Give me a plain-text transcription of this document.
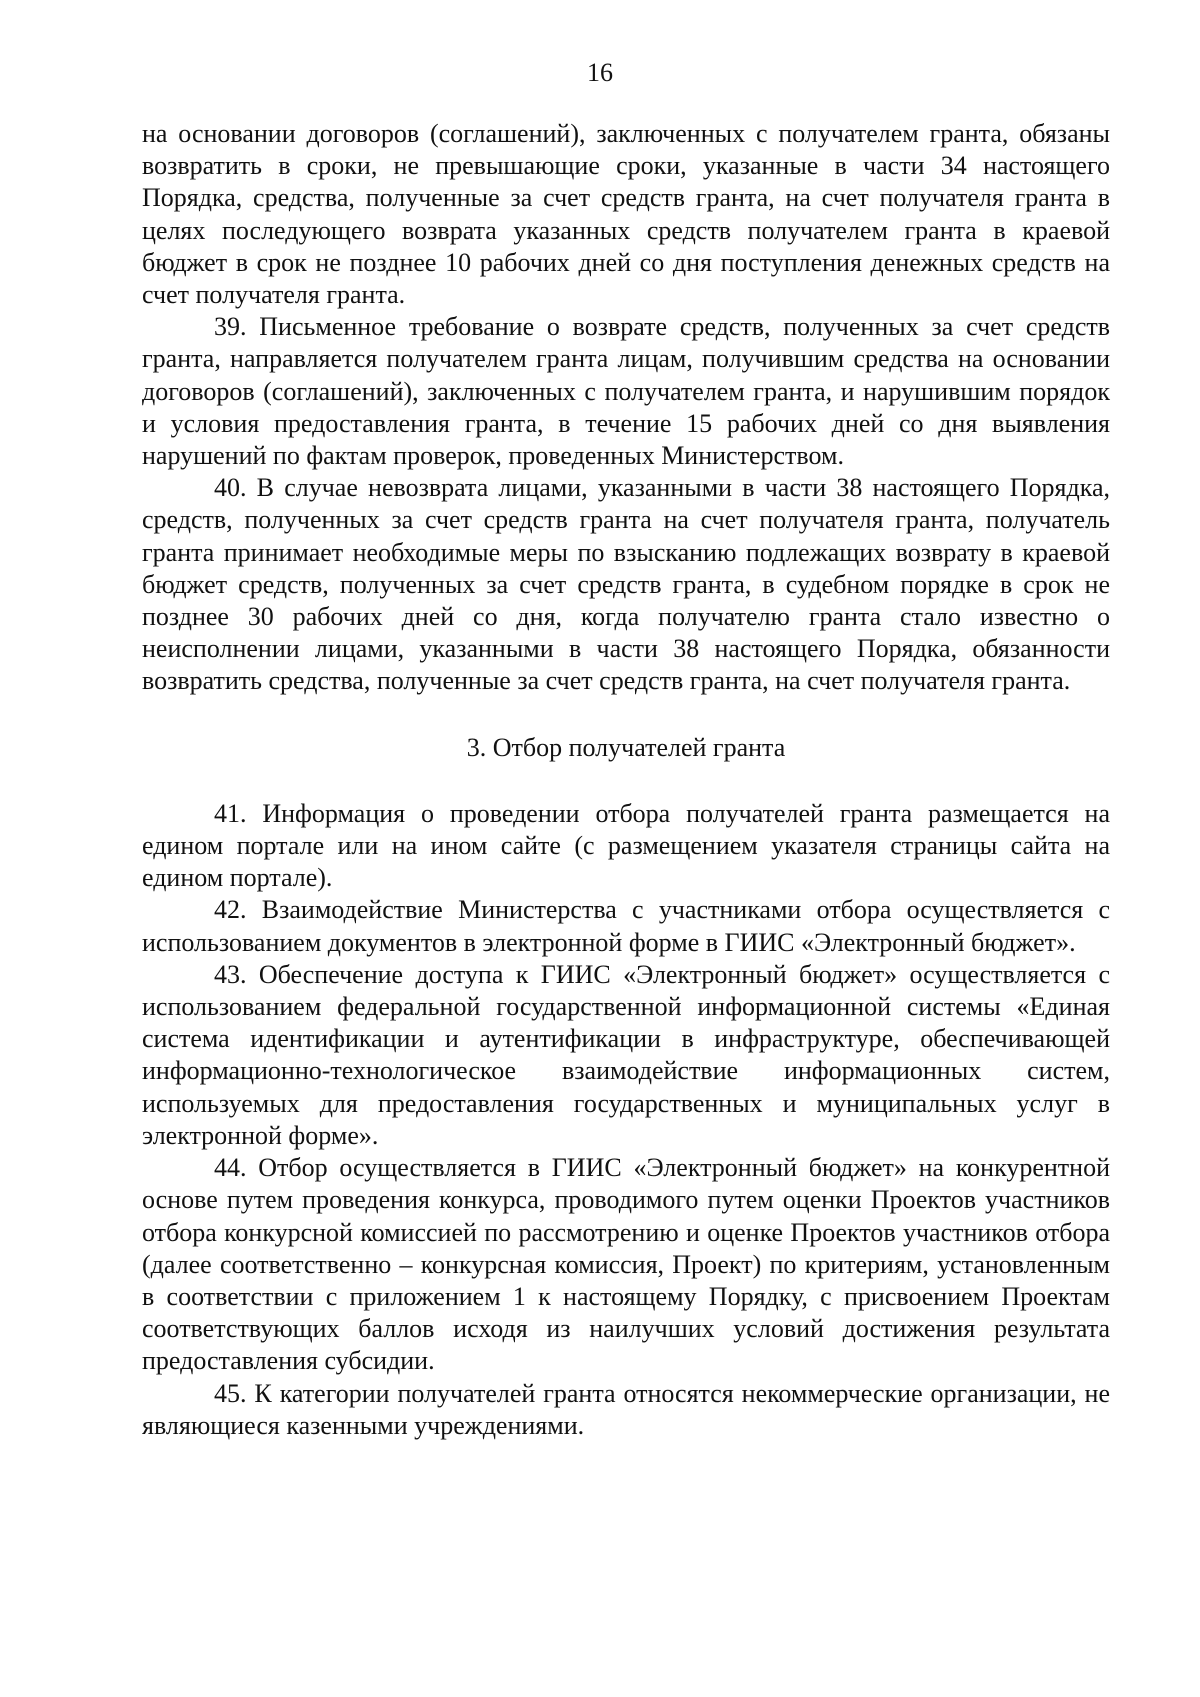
16

на основании договоров (соглашений), заключенных с получателем гранта, обязаны возвратить в сроки, не превышающие сроки, указанные в части 34 настоящего Порядка, средства, полученные за счет средств гранта, на счет получателя гранта в целях последующего возврата указанных средств получателем гранта в краевой бюджет в срок не позднее 10 рабочих дней со дня поступления денежных средств на счет получателя гранта.

39. Письменное требование о возврате средств, полученных за счет средств гранта, направляется получателем гранта лицам, получившим средства на основании договоров (соглашений), заключенных с получателем гранта, и нарушившим порядок и условия предоставления гранта, в течение 15 рабочих дней со дня выявления нарушений по фактам проверок, проведенных Министерством.

40. В случае невозврата лицами, указанными в части 38 настоящего Порядка, средств, полученных за счет средств гранта на счет получателя гранта, получатель гранта принимает необходимые меры по взысканию подлежащих возврату в краевой бюджет средств, полученных за счет средств гранта, в судебном порядке в срок не позднее 30 рабочих дней со дня, когда получателю гранта стало известно о неисполнении лицами, указанными в части 38 настоящего Порядка, обязанности возвратить средства, полученные за счет средств гранта, на счет получателя гранта.

3. Отбор получателей гранта

41. Информация о проведении отбора получателей гранта размещается на едином портале или на ином сайте (с размещением указателя страницы сайта на едином портале).

42. Взаимодействие Министерства с участниками отбора осуществляется с использованием документов в электронной форме в ГИИС «Электронный бюджет».

43. Обеспечение доступа к ГИИС «Электронный бюджет» осуществляется с использованием федеральной государственной информационной системы «Единая система идентификации и аутентификации в инфраструктуре, обеспечивающей информационно-технологическое взаимодействие информационных систем, используемых для предоставления государственных и муниципальных услуг в электронной форме».

44. Отбор осуществляется в ГИИС «Электронный бюджет» на конкурентной основе путем проведения конкурса, проводимого путем оценки Проектов участников отбора конкурсной комиссией по рассмотрению и оценке Проектов участников отбора (далее соответственно – конкурсная комиссия, Проект) по критериям, установленным в соответствии с приложением 1 к настоящему Порядку, с присвоением Проектам соответствующих баллов исходя из наилучших условий достижения результата предоставления субсидии.

45. К категории получателей гранта относятся некоммерческие организации, не являющиеся казенными учреждениями.
